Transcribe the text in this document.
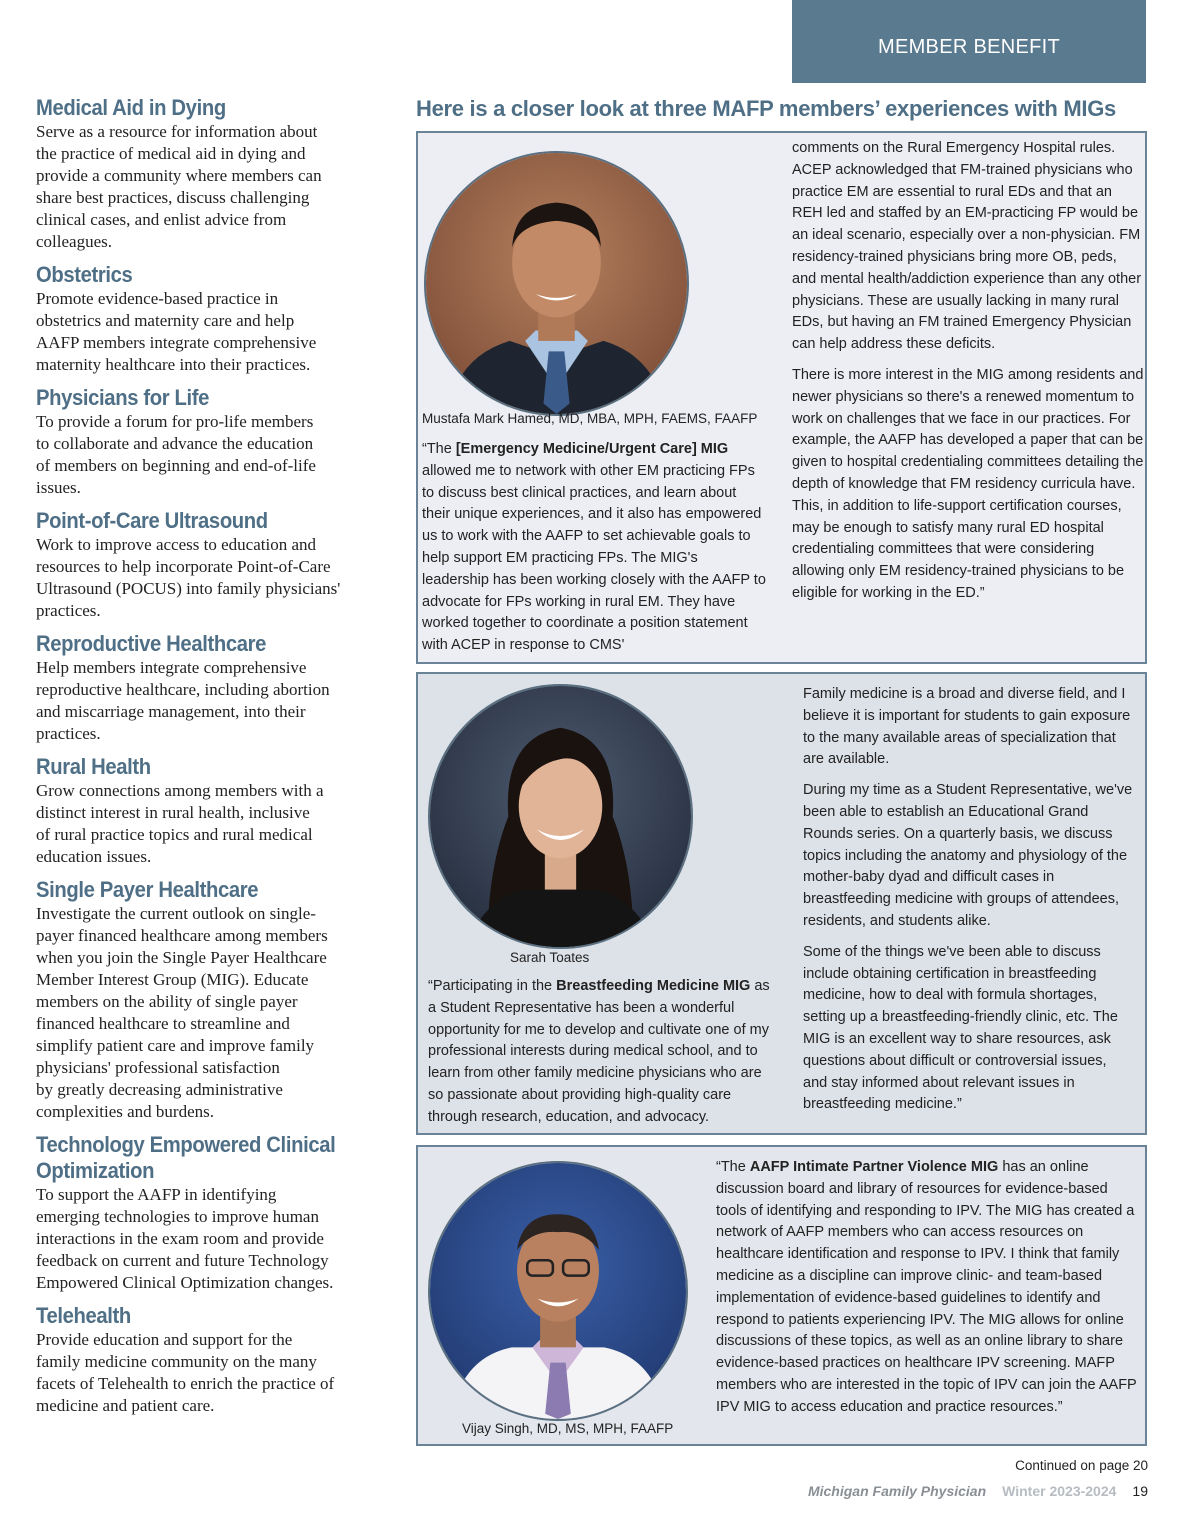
MEMBER BENEFIT
Medical Aid in Dying
Serve as a resource for information about
the practice of medical aid in dying and
provide a community where members can
share best practices, discuss challenging
clinical cases, and enlist advice from
colleagues.
Obstetrics
Promote evidence-based practice in
obstetrics and maternity care and help
AAFP members integrate comprehensive
maternity healthcare into their practices.
Physicians for Life
To provide a forum for pro-life members
to collaborate and advance the education
of members on beginning and end-of-life
issues.
Point-of-Care Ultrasound
Work to improve access to education and
resources to help incorporate Point-of-Care
Ultrasound (POCUS) into family physicians'
practices.
Reproductive Healthcare
Help members integrate comprehensive
reproductive healthcare, including abortion
and miscarriage management, into their
practices.
Rural Health
Grow connections among members with a
distinct interest in rural health, inclusive
of rural practice topics and rural medical
education issues.
Single Payer Healthcare
Investigate the current outlook on single-
payer financed healthcare among members
when you join the Single Payer Healthcare
Member Interest Group (MIG). Educate
members on the ability of single payer
financed healthcare to streamline and
simplify patient care and improve family
physicians' professional satisfaction
by greatly decreasing administrative
complexities and burdens.
Technology Empowered Clinical
Optimization
To support the AAFP in identifying
emerging technologies to improve human
interactions in the exam room and provide
feedback on current and future Technology
Empowered Clinical Optimization changes.
Telehealth
Provide education and support for the
family medicine community on the many
facets of Telehealth to enrich the practice of
medicine and patient care.
Here is a closer look at three MAFP members’ experiences with MIGs
Mustafa Mark Hamed, MD, MBA, MPH, FAEMS, FAAFP
“The [Emergency Medicine/Urgent Care] MIG allowed me to network with other EM practicing FPs to discuss best clinical practices, and learn about their unique experiences, and it also has empowered us to work with the AAFP to set achievable goals to help support EM practicing FPs. The MIG's leadership has been working closely with the AAFP to advocate for FPs working in rural EM. They have worked together to coordinate a position statement with ACEP in response to CMS'

comments on the Rural Emergency Hospital rules. ACEP acknowledged that FM-trained physicians who practice EM are essential to rural EDs and that an REH led and staffed by an EM-practicing FP would be an ideal scenario, especially over a non-physician. FM residency-trained physicians bring more OB, peds, and mental health/addiction experience than any other physicians. These are usually lacking in many rural EDs, but having an FM trained Emergency Physician can help address these deficits.

There is more interest in the MIG among residents and newer physicians so there's a renewed momentum to work on challenges that we face in our practices. For example, the AAFP has developed a paper that can be given to hospital credentialing committees detailing the depth of knowledge that FM residency curricula have. This, in addition to life-support certification courses, may be enough to satisfy many rural ED hospital credentialing committees that were considering allowing only EM residency-trained physicians to be eligible for working in the ED.”

Sarah Toates
“Participating in the Breastfeeding Medicine MIG as a Student Representative has been a wonderful opportunity for me to develop and cultivate one of my professional interests during medical school, and to learn from other family medicine physicians who are so passionate about providing high-quality care through research, education, and advocacy.

Family medicine is a broad and diverse field, and I believe it is important for students to gain exposure to the many available areas of specialization that are available.

During my time as a Student Representative, we've been able to establish an Educational Grand Rounds series. On a quarterly basis, we discuss topics including the anatomy and physiology of the mother-baby dyad and difficult cases in breastfeeding medicine with groups of attendees, residents, and students alike.

Some of the things we've been able to discuss include obtaining certification in breastfeeding medicine, how to deal with formula shortages, setting up a breastfeeding-friendly clinic, etc. The MIG is an excellent way to share resources, ask questions about difficult or controversial issues, and stay informed about relevant issues in breastfeeding medicine.”

Vijay Singh, MD, MS, MPH, FAAFP
“The AAFP Intimate Partner Violence MIG has an online discussion board and library of resources for evidence-based tools of identifying and responding to IPV. The MIG has created a network of AAFP members who can access resources on healthcare identification and response to IPV. I think that family medicine as a discipline can improve clinic- and team-based implementation of evidence-based guidelines to identify and respond to patients experiencing IPV. The MIG allows for online discussions of these topics, as well as an online library to share evidence-based practices on healthcare IPV screening. MAFP members who are interested in the topic of IPV can join the AAFP IPV MIG to access education and practice resources.”
Continued on page 20
Michigan Family Physician Winter 2023-2024 19
